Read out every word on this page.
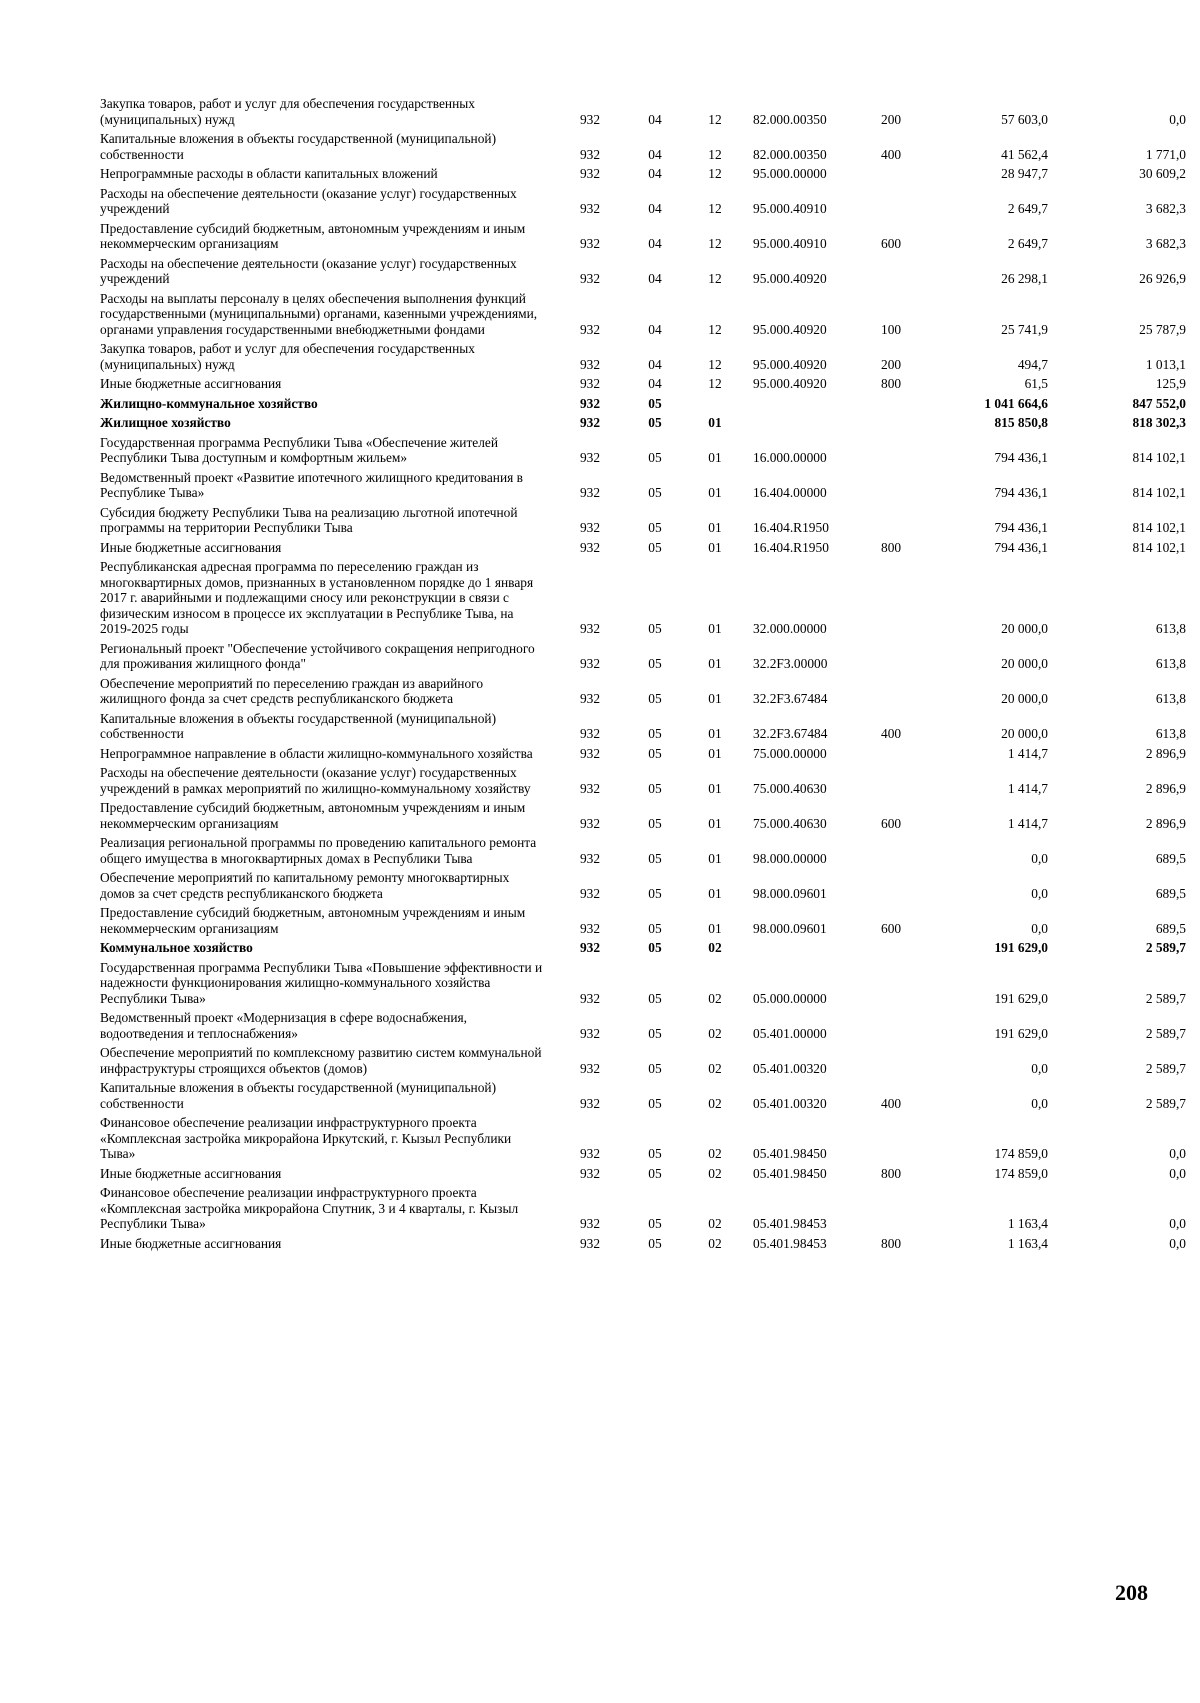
Закупка товаров, работ и услуг для обеспечения государственных (муниципальных) нужд	932	04	12	82.000.00350	200	57 603,0	0,0
Капитальные вложения в объекты государственной (муниципальной) собственности	932	04	12	82.000.00350	400	41 562,4	1 771,0
Непрограммные расходы в области капитальных вложений	932	04	12	95.000.00000		28 947,7	30 609,2
Расходы на обеспечение деятельности (оказание услуг) государственных учреждений	932	04	12	95.000.40910		2 649,7	3 682,3
Предоставление субсидий бюджетным, автономным учреждениям и иным некоммерческим организациям	932	04	12	95.000.40910	600	2 649,7	3 682,3
Расходы на обеспечение деятельности (оказание услуг) государственных учреждений	932	04	12	95.000.40920		26 298,1	26 926,9
Расходы на выплаты персоналу в целях обеспечения выполнения функций государственными (муниципальными) органами, казенными учреждениями, органами управления государственными внебюджетными фондами	932	04	12	95.000.40920	100	25 741,9	25 787,9
Закупка товаров, работ и услуг для обеспечения государственных (муниципальных) нужд	932	04	12	95.000.40920	200	494,7	1 013,1
Иные бюджетные ассигнования	932	04	12	95.000.40920	800	61,5	125,9
Жилищно-коммунальное хозяйство	932	05				1 041 664,6	847 552,0
Жилищное хозяйство	932	05	01			815 850,8	818 302,3
Государственная программа Республики Тыва «Обеспечение жителей Республики Тыва доступным и комфортным жильем»	932	05	01	16.000.00000		794 436,1	814 102,1
Ведомственный проект «Развитие ипотечного жилищного кредитования в Республике Тыва»	932	05	01	16.404.00000		794 436,1	814 102,1
Субсидия бюджету Республики Тыва на реализацию льготной ипотечной программы на территории Республики Тыва	932	05	01	16.404.R1950		794 436,1	814 102,1
Иные бюджетные ассигнования	932	05	01	16.404.R1950	800	794 436,1	814 102,1
Республиканская адресная программа по переселению граждан из многоквартирных домов, признанных в установленном порядке до 1 января 2017 г. аварийными и подлежащими сносу или реконструкции в связи с физическим износом в процессе их эксплуатации в Республике Тыва, на 2019-2025 годы	932	05	01	32.000.00000		20 000,0	613,8
Региональный проект "Обеспечение устойчивого сокращения непригодного для проживания жилищного фонда"	932	05	01	32.2F3.00000		20 000,0	613,8
Обеспечение мероприятий по переселению граждан из аварийного жилищного фонда за счет средств республиканского бюджета	932	05	01	32.2F3.67484		20 000,0	613,8
Капитальные вложения в объекты государственной (муниципальной) собственности	932	05	01	32.2F3.67484	400	20 000,0	613,8
Непрограммное направление в области жилищно-коммунального хозяйства	932	05	01	75.000.00000		1 414,7	2 896,9
Расходы на обеспечение деятельности (оказание услуг) государственных учреждений в рамках мероприятий по жилищно-коммунальному хозяйству	932	05	01	75.000.40630		1 414,7	2 896,9
Предоставление субсидий бюджетным, автономным учреждениям и иным некоммерческим организациям	932	05	01	75.000.40630	600	1 414,7	2 896,9
Реализация региональной программы по проведению капитального ремонта общего имущества в многоквартирных домах в Республики Тыва	932	05	01	98.000.00000		0,0	689,5
Обеспечение мероприятий по капитальному ремонту многоквартирных домов за счет средств республиканского бюджета	932	05	01	98.000.09601		0,0	689,5
Предоставление субсидий бюджетным, автономным учреждениям и иным некоммерческим организациям	932	05	01	98.000.09601	600	0,0	689,5
Коммунальное хозяйство	932	05	02			191 629,0	2 589,7
Государственная программа Республики Тыва «Повышение эффективности и надежности функционирования жилищно-коммунального хозяйства Республики Тыва»	932	05	02	05.000.00000		191 629,0	2 589,7
Ведомственный проект «Модернизация в сфере водоснабжения, водоотведения и теплоснабжения»	932	05	02	05.401.00000		191 629,0	2 589,7
Обеспечение мероприятий по комплексному развитию систем коммунальной инфраструктуры строящихся объектов (домов)	932	05	02	05.401.00320		0,0	2 589,7
Капитальные вложения в объекты государственной (муниципальной) собственности	932	05	02	05.401.00320	400	0,0	2 589,7
Финансовое обеспечение реализации инфраструктурного проекта «Комплексная застройка микрорайона Иркутский, г. Кызыл Республики Тыва»	932	05	02	05.401.98450		174 859,0	0,0
Иные бюджетные ассигнования	932	05	02	05.401.98450	800	174 859,0	0,0
Финансовое обеспечение реализации инфраструктурного проекта «Комплексная застройка микрорайона Спутник, 3 и 4 кварталы, г. Кызыл Республики Тыва»	932	05	02	05.401.98453		1 163,4	0,0
Иные бюджетные ассигнования	932	05	02	05.401.98453	800	1 163,4	0,0
208
